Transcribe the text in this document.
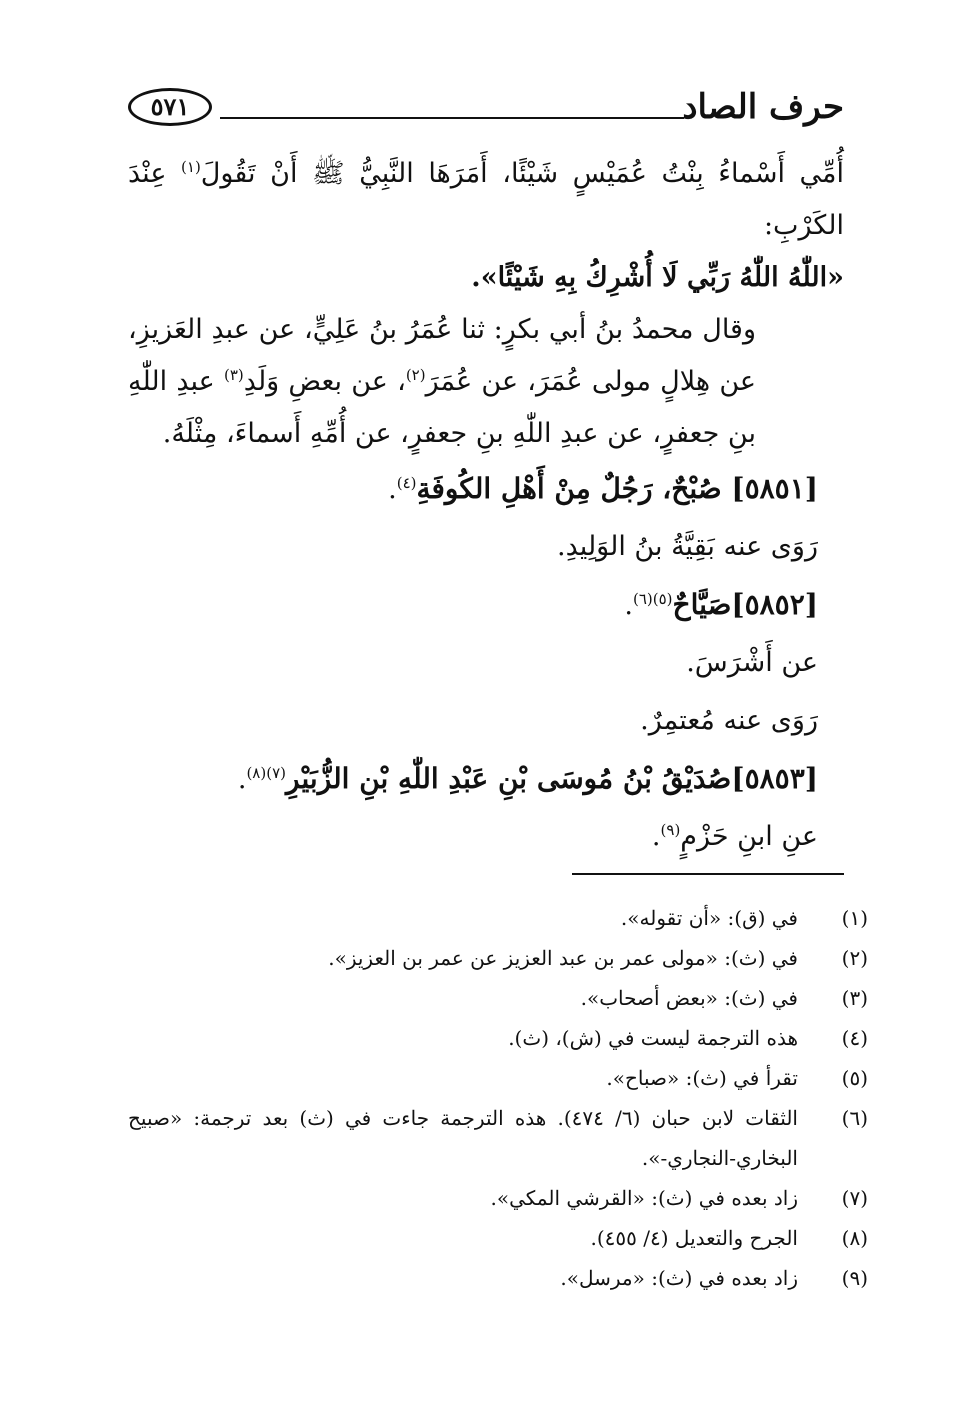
حرف الصاد
٥٧١

أُمِّي أَسْماءُ بِنْتُ عُمَيْسٍ شَيْئًا، أَمَرَهَا النَّبِيُّ ﷺ أَنْ تَقُولَ$^{(١)}$ عِنْدَ الكَرْبِ:

«اللّٰهُ اللّٰهُ رَبِّي لَا أُشْرِكُ بِهِ شَيْئًا».

وقال محمدُ بنُ أبي بكرٍ: ثنا عُمَرُ بنُ عَلِيٍّ، عن عبدِ العَزيزِ، عن هِلالٍ مولى عُمَرَ، عن عُمَرَ$^{(٢)}$، عن بعضِ وَلَدِ$^{(٣)}$ عبدِ اللّٰهِ بنِ جعفرٍ، عن عبدِ اللّٰهِ بنِ جعفرٍ، عن أُمِّهِ أَسماءَ، مِثْلَهُ.

[٥٨٥١] صُبْحٌ، رَجُلٌ مِنْ أَهْلِ الكُوفَةِ$^{(٤)}$.

رَوَى عنه بَقِيَّةُ بنُ الوَلِيدِ.

[٥٨٥٢]صَيَّاحٌ$^{(٥)(٦)}$.

عن أَشْرَسَ.

رَوَى عنه مُعتمِرٌ.

[٥٨٥٣]صُدَيْقُ بْنُ مُوسَى بْنِ عَبْدِ اللّٰهِ بْنِ الزُّبَيْرِ$^{(٧)(٨)}$.

عنِ ابنِ حَزْمٍ$^{(٩)}$.

(١)
في (ق): «أن تقوله».

(٢)
في (ث): «مولى عمر بن عبد العزيز عن عمر بن العزيز».

(٣)
في (ث): «بعض أصحاب».

(٤)
هذه الترجمة ليست في (ش)، (ث).

(٥)
تقرأ في (ث): «صباح».

(٦)
الثقات لابن حبان (٦/ ٤٧٤). هذه الترجمة جاءت في (ث) بعد ترجمة: «صبيح البخاري-النجاري-».

(٧)
زاد بعده في (ث): «القرشي المكي».

(٨)
الجرح والتعديل (٤/ ٤٥٥).

(٩)
زاد بعده في (ث): «مرسل».
